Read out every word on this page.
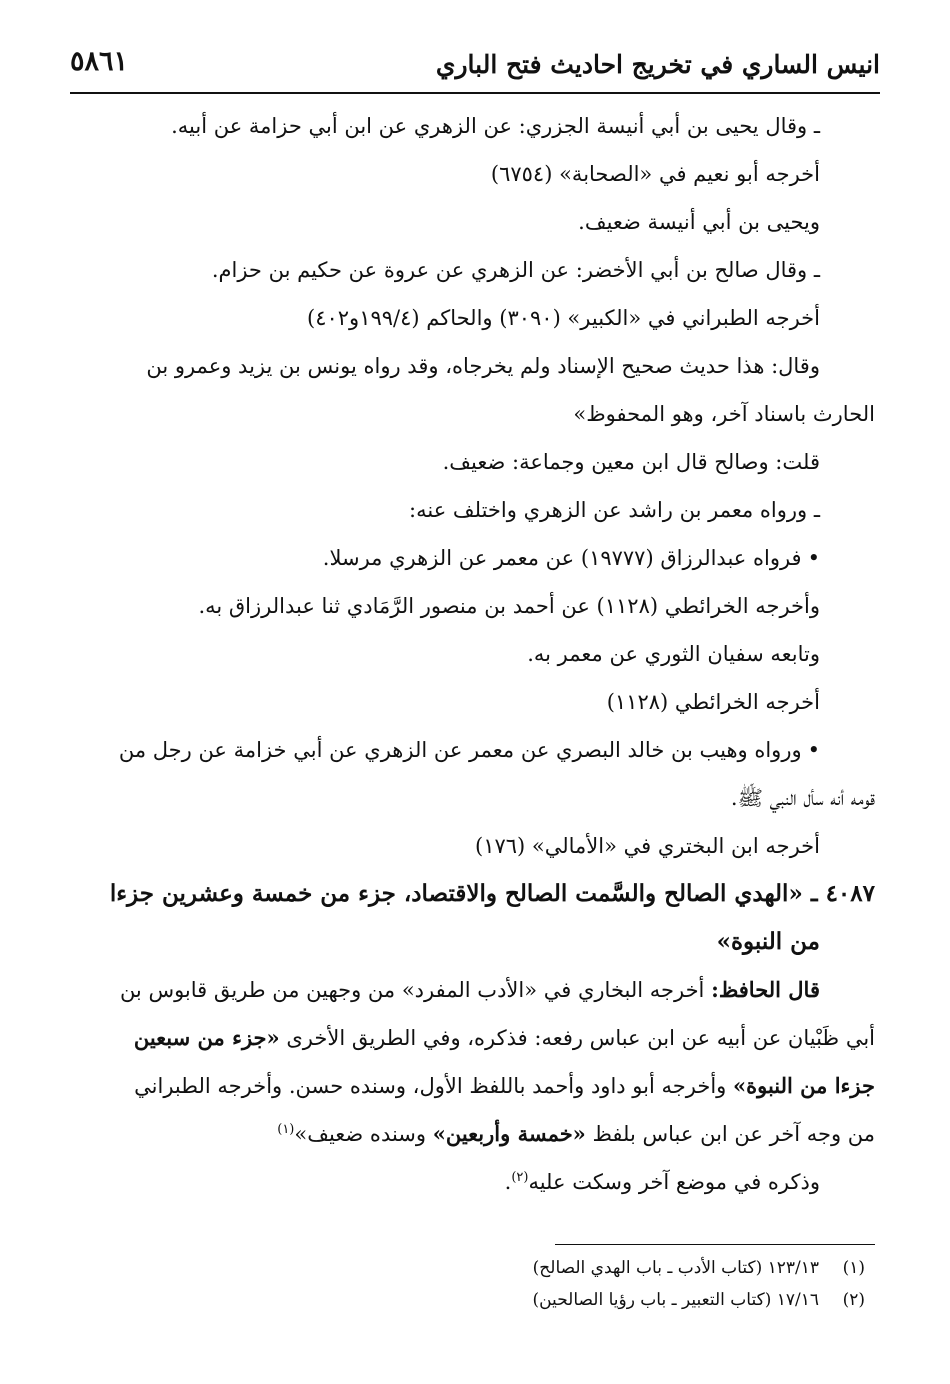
انيس الساري في تخريج احاديث فتح الباري
٥٨٦١

ـ وقال يحيى بن أبي أنيسة الجزري: عن الزهري عن ابن أبي حزامة عن أبيه.

أخرجه أبو نعيم في «الصحابة» (٦٧٥٤)

ويحيى بن أبي أنيسة ضعيف.

ـ وقال صالح بن أبي الأخضر: عن الزهري عن عروة عن حكيم بن حزام.

أخرجه الطبراني في «الكبير» (٣٠٩٠) والحاكم (١٩٩/٤و٤٠٢)

وقال: هذا حديث صحيح الإسناد ولم يخرجاه، وقد رواه يونس بن يزيد وعمرو بن

الحارث باسناد آخر، وهو المحفوظ»

قلت: وصالح قال ابن معين وجماعة: ضعيف.

ـ ورواه معمر بن راشد عن الزهري واختلف عنه:

•فرواه عبدالرزاق (١٩٧٧٧) عن معمر عن الزهري مرسلا.

وأخرجه الخرائطي (١١٢٨) عن أحمد بن منصور الرَّمَادي ثنا عبدالرزاق به.

وتابعه سفيان الثوري عن معمر به.

أخرجه الخرائطي (١١٢٨)

•ورواه وهيب بن خالد البصري عن معمر عن الزهري عن أبي خزامة عن رجل من

قومه أنه سأل النبي ﷺ.

أخرجه ابن البختري في «الأمالي» (١٧٦)

٤٠٨٧ ـ «الهدي الصالح والسَّمت الصالح والاقتصاد، جزء من خمسة وعشرين جزءا

من النبوة»

قال الحافظ: أخرجه البخاري في «الأدب المفرد» من وجهين من طريق قابوس بن

أبي ظَبْيان عن أبيه عن ابن عباس رفعه: فذكره، وفي الطريق الأخرى «جزء من سبعين

جزءا من النبوة» وأخرجه أبو داود وأحمد باللفظ الأول، وسنده حسن. وأخرجه الطبراني

من وجه آخر عن ابن عباس بلفظ «خمسة وأربعين» وسنده ضعيف»$^{(١)}$

وذكره في موضع آخر وسكت عليه$^{(٢)}$.

(١)١٢٣/١٣ (كتاب الأدب ـ باب الهدي الصالح)

(٢)١٧/١٦ (كتاب التعبير ـ باب رؤيا الصالحين)
